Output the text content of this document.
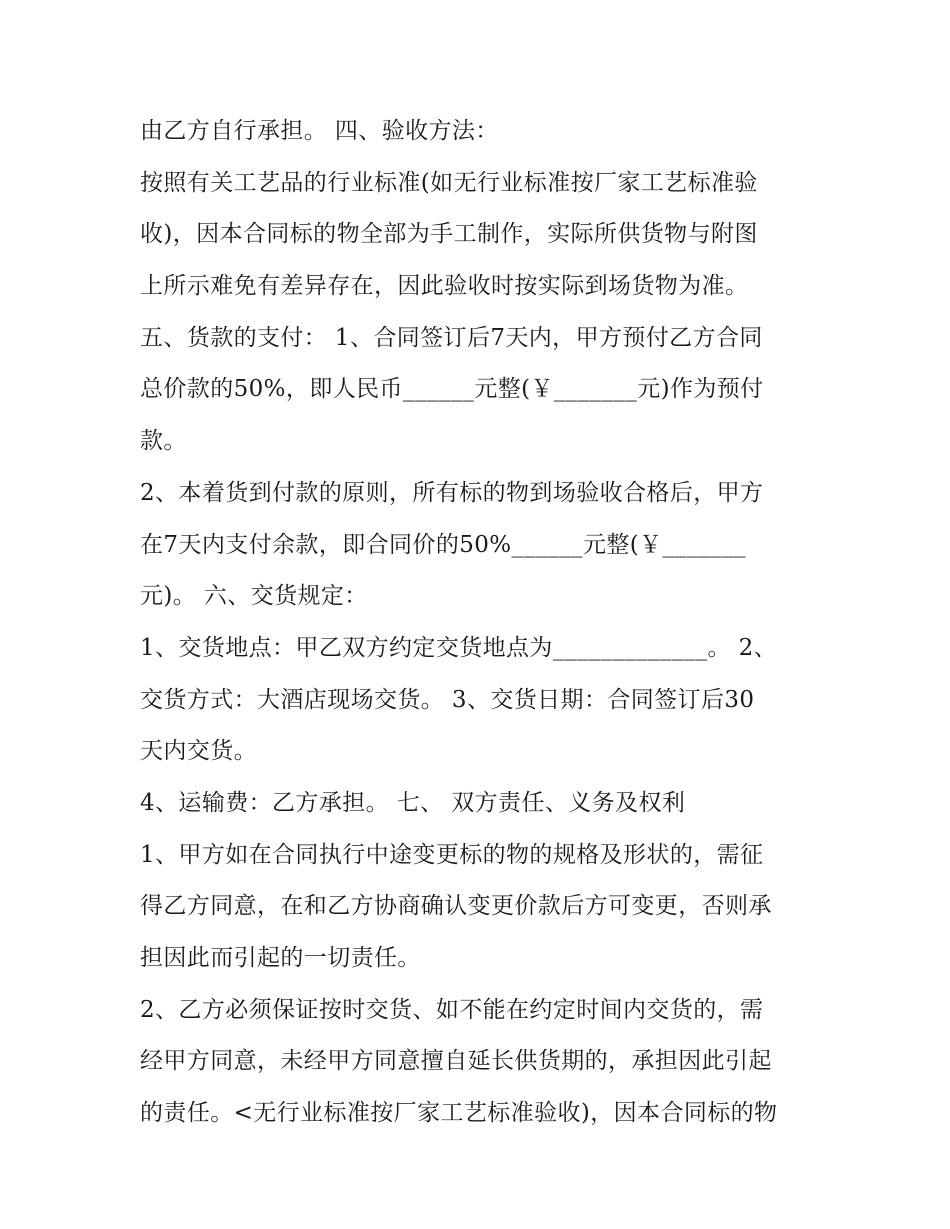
由乙方自行承担。 四、验收方法：
按照有关工艺品的行业标准(如无行业标准按厂家工艺标准验
收)，因本合同标的物全部为手工制作，实际所供货物与附图
上所示难免有差异存在，因此验收时按实际到场货物为准。
五、货款的支付： 1、合同签订后7天内，甲方预付乙方合同
总价款的50%，即人民币______元整(￥_______元)作为预付
款。
2、本着货到付款的原则，所有标的物到场验收合格后，甲方
在7天内支付余款，即合同价的50%______元整(￥_______
元)。 六、交货规定：
1、交货地点：甲乙双方约定交货地点为_____________。 2、
交货方式：大酒店现场交货。 3、交货日期：合同签订后30
天内交货。
4、运输费：乙方承担。 七、 双方责任、义务及权利
1、甲方如在合同执行中途变更标的物的规格及形状的，需征
得乙方同意，在和乙方协商确认变更价款后方可变更，否则承
担因此而引起的一切责任。
2、乙方必须保证按时交货、如不能在约定时间内交货的，需
经甲方同意，未经甲方同意擅自延长供货期的，承担因此引起
的责任。<无行业标准按厂家工艺标准验收)，因本合同标的物
